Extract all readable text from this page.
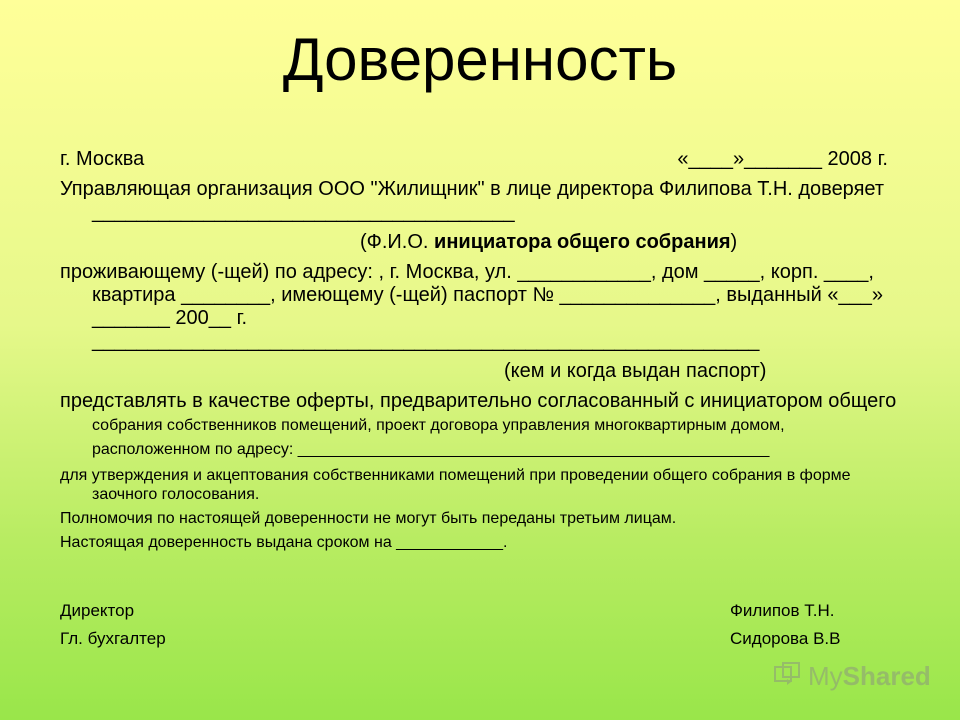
Доверенность
г. Москва	«____»_______ 2008 г.
Управляющая организация ООО "Жилищник" в лице директора Филипова Т.Н. доверяет ______________________________________
(Ф.И.О. инициатора общего собрания)
проживающему (-щей) по адресу: , г. Москва, ул. ____________, дом _____, корп. ____, квартира ________, имеющему (-щей) паспорт № ______________, выданный «___» _______ 200__ г. ____________________________________________________________
(кем и когда выдан паспорт)
представлять в качестве оферты, предварительно согласованный с инициатором общего собрания собственников помещений, проект договора управления многоквартирным домом, расположенном по адресу: _____________________________________________________
для утверждения и акцептования собственниками помещений при проведении общего собрания в форме заочного голосования.
Полномочия по настоящей доверенности не могут быть переданы третьим лицам.
Настоящая доверенность выдана сроком на ____________.
Директор	Филипов Т.Н.
Гл. бухгалтер	Сидорова В.В
MyShared
